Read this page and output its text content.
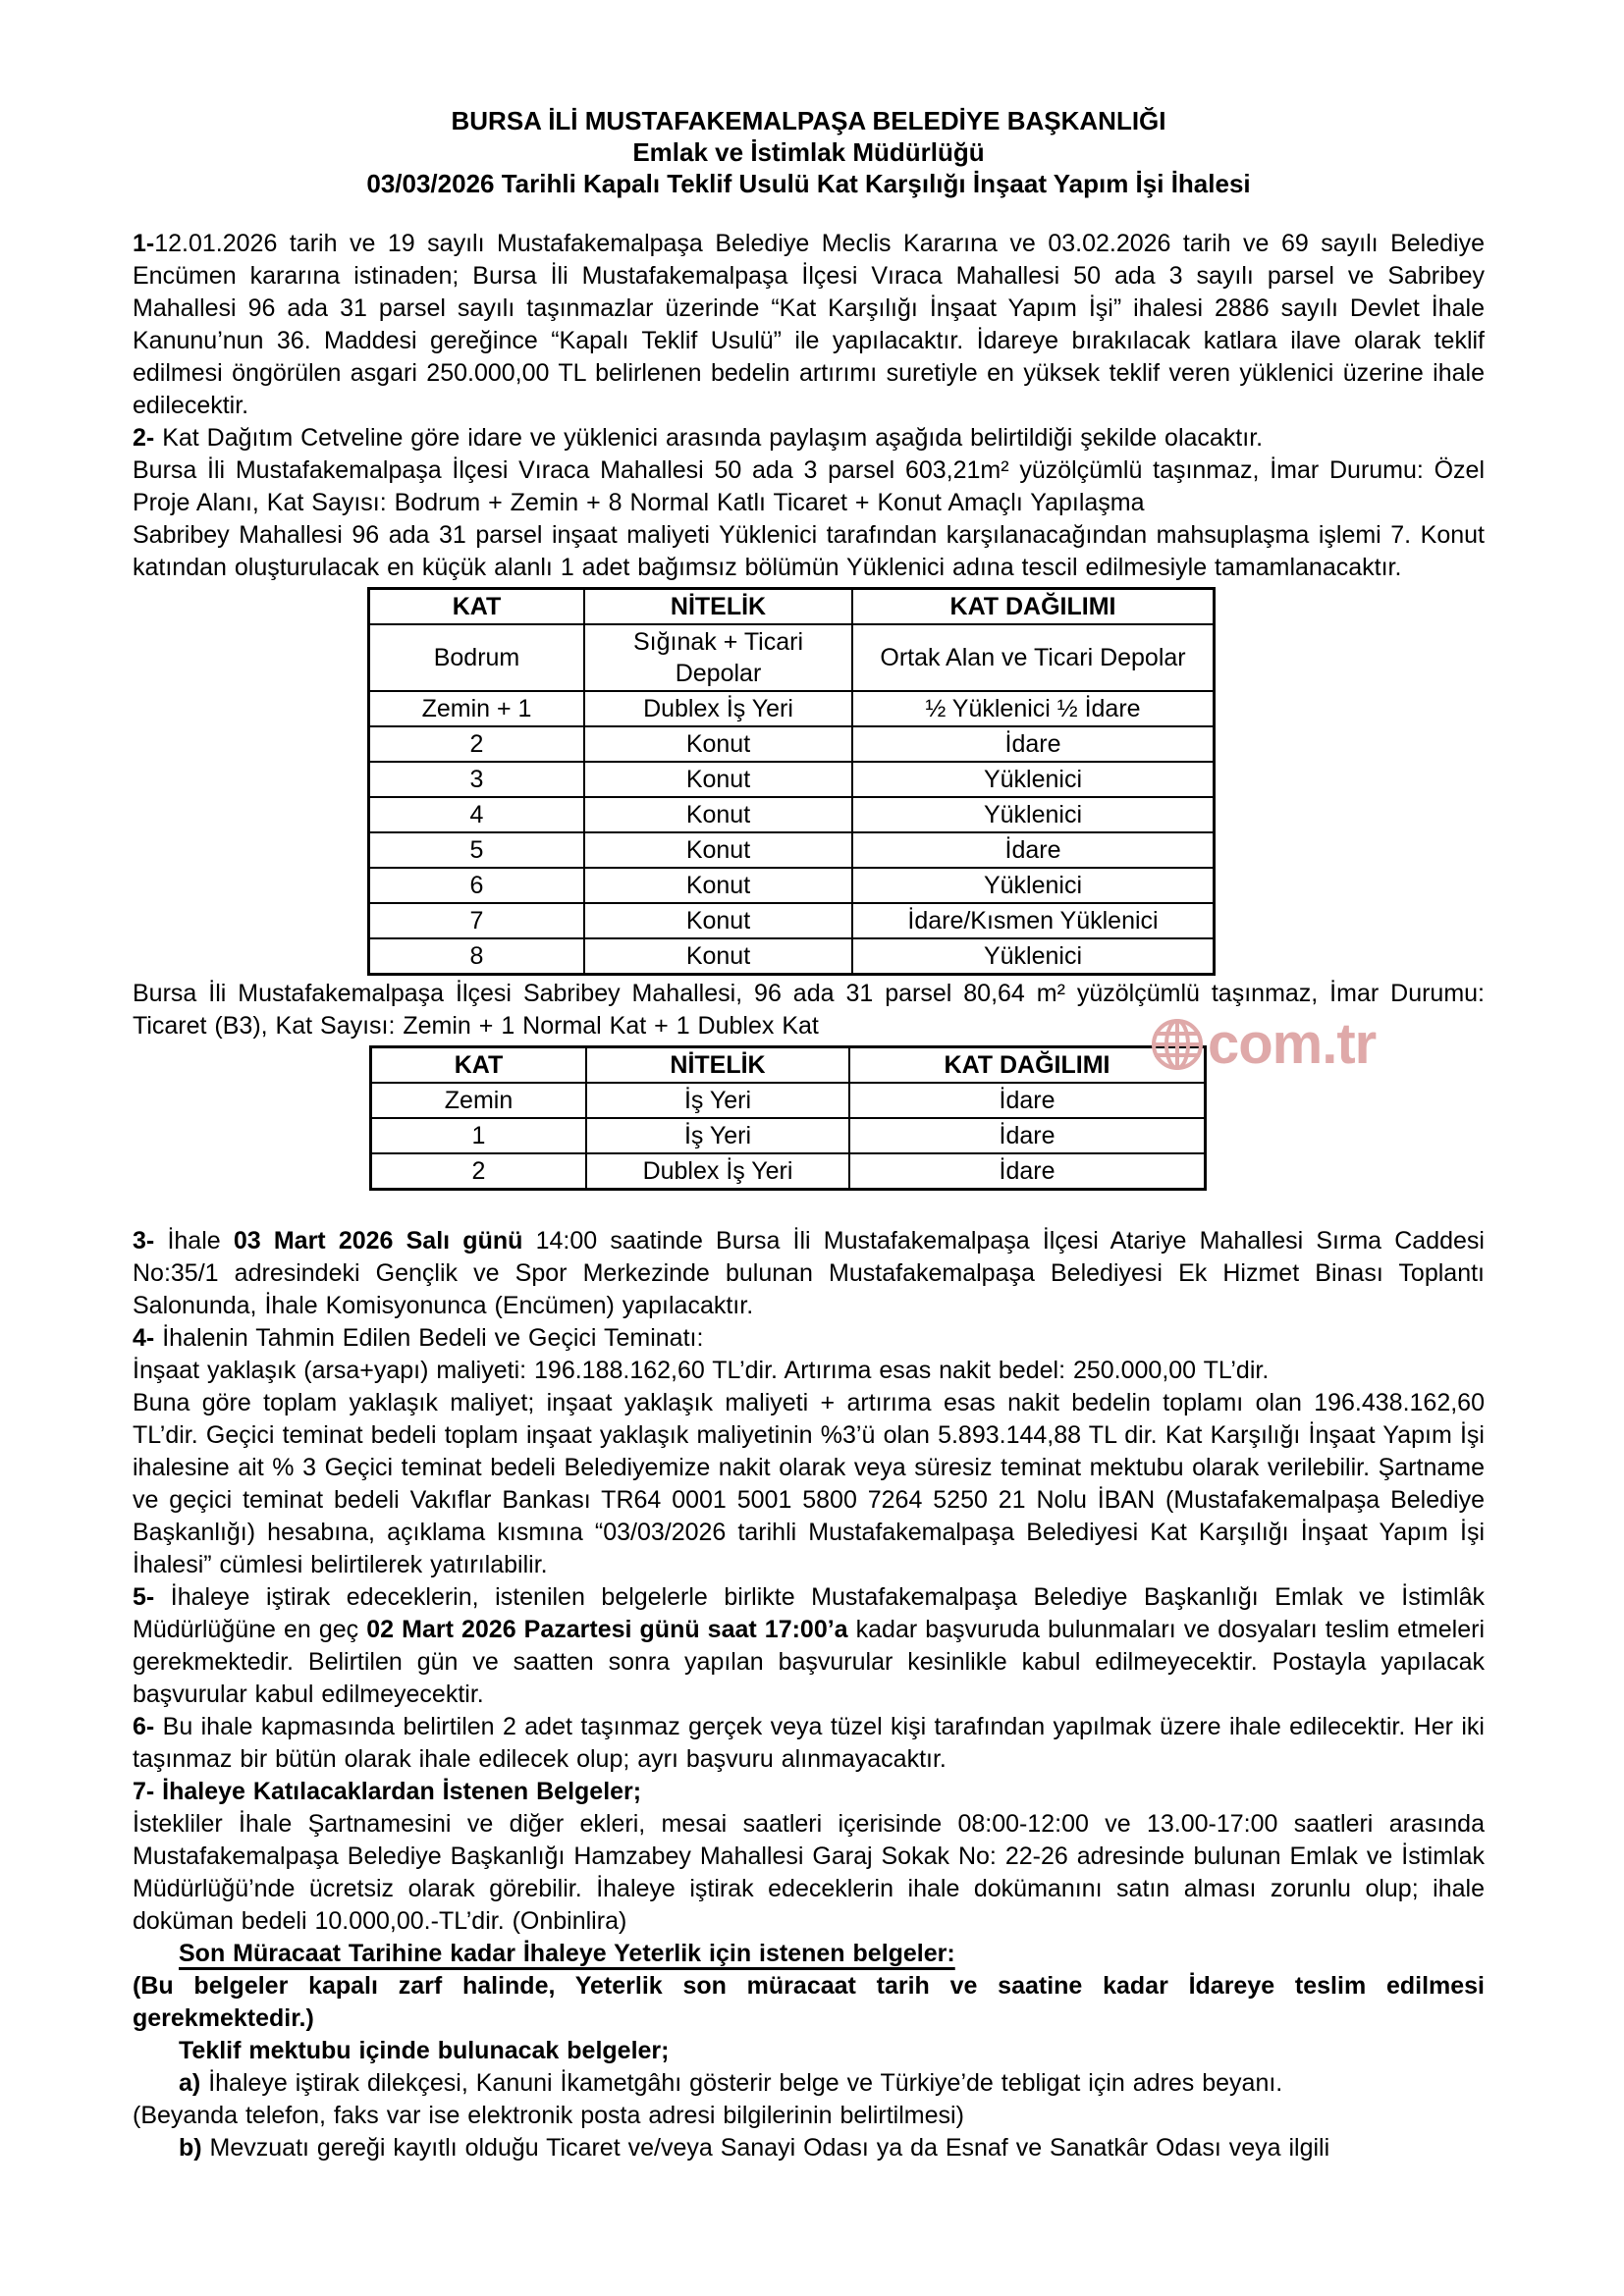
BURSA İLİ MUSTAFAKEMALPAŞA BELEDİYE BAŞKANLIĞI
Emlak ve İstimlak Müdürlüğü
03/03/2026 Tarihli Kapalı Teklif Usulü Kat Karşılığı İnşaat Yapım İşi İhalesi

1-12.01.2026 tarih ve 19 sayılı Mustafakemalpaşa Belediye Meclis Kararına ve 03.02.2026 tarih ve 69 sayılı Belediye Encümen kararına istinaden; Bursa İli Mustafakemalpaşa İlçesi Vıraca Mahallesi 50 ada 3 sayılı parsel ve Sabribey Mahallesi 96 ada 31 parsel sayılı taşınmazlar üzerinde “Kat Karşılığı İnşaat Yapım İşi” ihalesi 2886 sayılı Devlet İhale Kanunu’nun 36. Maddesi gereğince “Kapalı Teklif Usulü” ile yapılacaktır. İdareye bırakılacak katlara ilave olarak teklif edilmesi öngörülen asgari 250.000,00 TL belirlenen bedelin artırımı suretiyle en yüksek teklif veren yüklenici üzerine ihale edilecektir.

2- Kat Dağıtım Cetveline göre idare ve yüklenici arasında paylaşım aşağıda belirtildiği şekilde olacaktır.

Bursa İli Mustafakemalpaşa İlçesi Vıraca Mahallesi 50 ada 3 parsel 603,21m² yüzölçümlü taşınmaz, İmar Durumu: Özel Proje Alanı, Kat Sayısı: Bodrum + Zemin + 8 Normal Katlı Ticaret + Konut Amaçlı Yapılaşma

Sabribey Mahallesi 96 ada 31 parsel inşaat maliyeti Yüklenici tarafından karşılanacağından mahsuplaşma işlemi 7. Konut katından oluşturulacak en küçük alanlı 1 adet bağımsız bölümün Yüklenici adına tescil edilmesiyle tamamlanacaktır.

KAT	NİTELİK	KAT DAĞILIMI
Bodrum	Sığınak + Ticari Depolar	Ortak Alan ve Ticari Depolar
Zemin + 1	Dublex İş Yeri	½ Yüklenici ½ İdare
2	Konut	İdare
3	Konut	Yüklenici
4	Konut	Yüklenici
5	Konut	İdare
6	Konut	Yüklenici
7	Konut	İdare/Kısmen Yüklenici
8	Konut	Yüklenici

Bursa İli Mustafakemalpaşa İlçesi Sabribey Mahallesi, 96 ada 31 parsel 80,64 m² yüzölçümlü taşınmaz, İmar Durumu: Ticaret (B3), Kat Sayısı: Zemin + 1 Normal Kat + 1 Dublex Kat

KAT	NİTELİK	KAT DAĞILIMI
Zemin	İş Yeri	İdare
1	İş Yeri	İdare
2	Dublex İş Yeri	İdare

3- İhale 03 Mart 2026 Salı günü 14:00 saatinde Bursa İli Mustafakemalpaşa İlçesi Atariye Mahallesi Sırma Caddesi No:35/1 adresindeki Gençlik ve Spor Merkezinde bulunan Mustafakemalpaşa Belediyesi Ek Hizmet Binası Toplantı Salonunda, İhale Komisyonunca (Encümen) yapılacaktır.

4- İhalenin Tahmin Edilen Bedeli ve Geçici Teminatı:

İnşaat yaklaşık (arsa+yapı) maliyeti: 196.188.162,60 TL’dir. Artırıma esas nakit bedel: 250.000,00 TL’dir.

Buna göre toplam yaklaşık maliyet; inşaat yaklaşık maliyeti + artırıma esas nakit bedelin toplamı olan 196.438.162,60 TL’dir. Geçici teminat bedeli toplam inşaat yaklaşık maliyetinin %3’ü olan 5.893.144,88 TL dir. Kat Karşılığı İnşaat Yapım İşi ihalesine ait % 3 Geçici teminat bedeli Belediyemize nakit olarak veya süresiz teminat mektubu olarak verilebilir. Şartname ve geçici teminat bedeli Vakıflar Bankası TR64 0001 5001 5800 7264 5250 21 Nolu İBAN (Mustafakemalpaşa Belediye Başkanlığı) hesabına, açıklama kısmına “03/03/2026 tarihli Mustafakemalpaşa Belediyesi Kat Karşılığı İnşaat Yapım İşi İhalesi” cümlesi belirtilerek yatırılabilir.

5- İhaleye iştirak edeceklerin, istenilen belgelerle birlikte Mustafakemalpaşa Belediye Başkanlığı Emlak ve İstimlâk Müdürlüğüne en geç 02 Mart 2026 Pazartesi günü saat 17:00’a kadar başvuruda bulunmaları ve dosyaları teslim etmeleri gerekmektedir. Belirtilen gün ve saatten sonra yapılan başvurular kesinlikle kabul edilmeyecektir. Postayla yapılacak başvurular kabul edilmeyecektir.

6- Bu ihale kapmasında belirtilen 2 adet taşınmaz gerçek veya tüzel kişi tarafından yapılmak üzere ihale edilecektir. Her iki taşınmaz bir bütün olarak ihale edilecek olup; ayrı başvuru alınmayacaktır.

7- İhaleye Katılacaklardan İstenen Belgeler;

İstekliler İhale Şartnamesini ve diğer ekleri, mesai saatleri içerisinde 08:00-12:00 ve 13.00-17:00 saatleri arasında Mustafakemalpaşa Belediye Başkanlığı Hamzabey Mahallesi Garaj Sokak No: 22-26 adresinde bulunan Emlak ve İstimlak Müdürlüğü’nde ücretsiz olarak görebilir. İhaleye iştirak edeceklerin ihale dokümanını satın alması zorunlu olup; ihale doküman bedeli 10.000,00.-TL’dir. (Onbinlira)

Son Müracaat Tarihine kadar İhaleye Yeterlik için istenen belgeler:

(Bu belgeler kapalı zarf halinde, Yeterlik son müracaat tarih ve saatine kadar İdareye teslim edilmesi gerekmektedir.)

Teklif mektubu içinde bulunacak belgeler;

a) İhaleye iştirak dilekçesi, Kanuni İkametgâhı gösterir belge ve Türkiye’de tebligat için adres beyanı.

(Beyanda telefon, faks var ise elektronik posta adresi bilgilerinin belirtilmesi)

b) Mevzuatı gereği kayıtlı olduğu Ticaret ve/veya Sanayi Odası ya da Esnaf ve Sanatkâr Odası veya ilgili

com.tr
